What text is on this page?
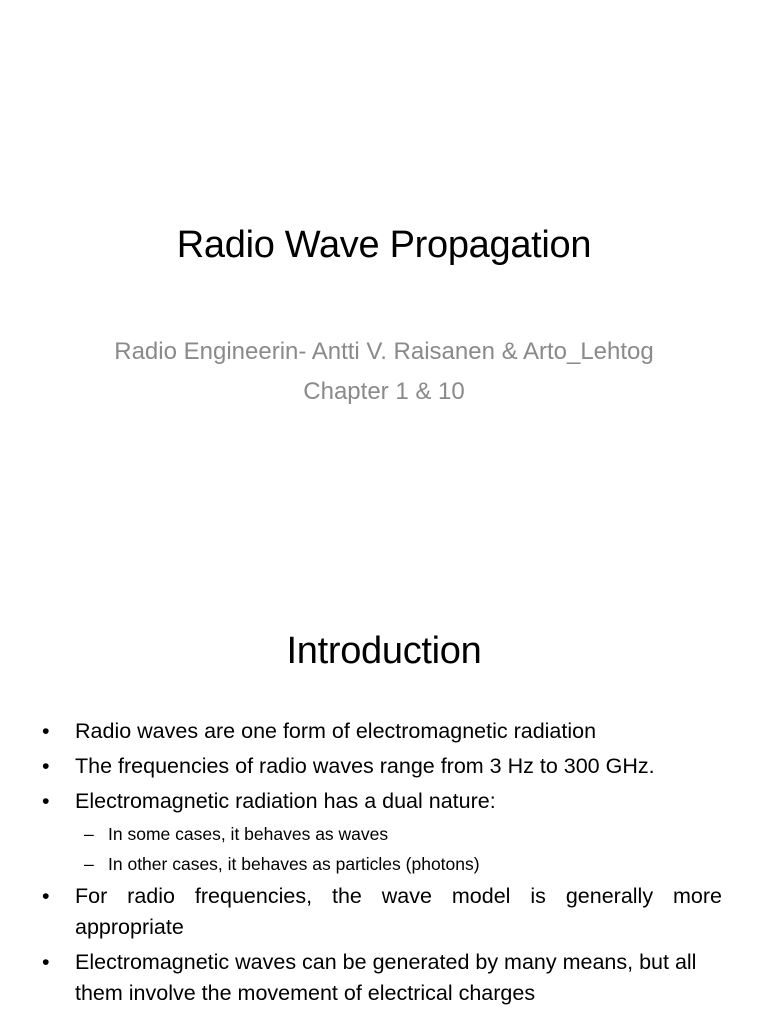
Radio Wave Propagation
Radio Engineerin- Antti V. Raisanen & Arto_Lehtog
Chapter 1 & 10
Introduction
• Radio waves are one form of electromagnetic radiation
• The frequencies of radio waves range from 3 Hz to 300 GHz.
• Electromagnetic radiation has a dual nature:
– In some cases, it behaves as waves
– In other cases, it behaves as particles (photons)
• For radio frequencies, the wave model is generally more appropriate
• Electromagnetic waves can be generated by many means, but all them involve the movement of electrical charges
